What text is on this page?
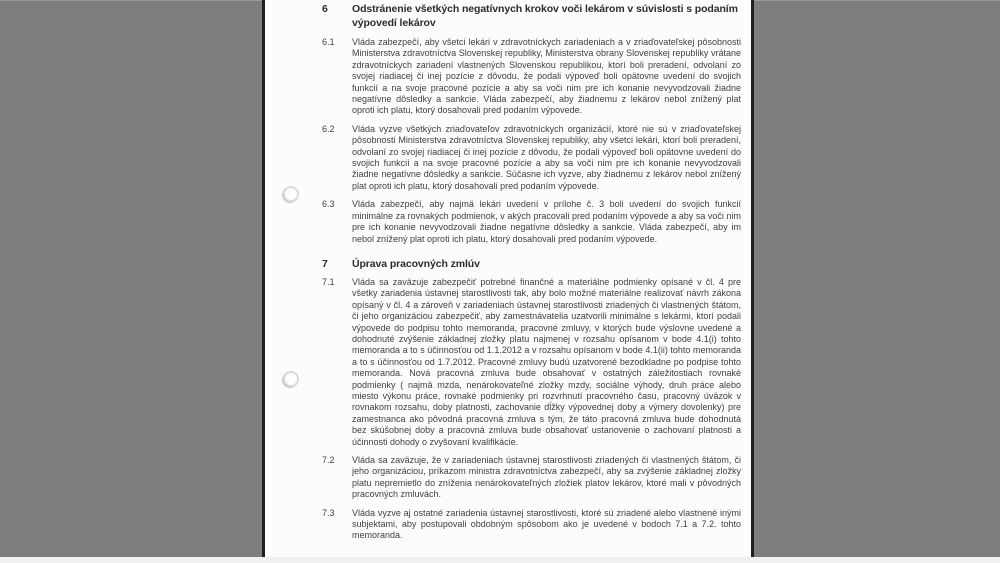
6	Odstránenie všetkých negatívnych krokov voči lekárom v súvislosti s podaním výpovedí lekárov
6.1	Vláda zabezpečí, aby všetci lekári v zdravotníckych zariadeniach a v zriaďovateľskej pôsobnosti Ministerstva zdravotníctva Slovenskej republiky, Ministerstva obrany Slovenskej republiky vrátane zdravotníckych zariadení vlastnených Slovenskou republikou, ktorí boli preradení, odvolaní zo svojej riadiacej či inej pozície z dôvodu, že podali výpoveď boli opätovne uvedení do svojich funkcií a na svoje pracovné pozície a aby sa voči nim pre ich konanie nevyvodzovali žiadne negatívne dôsledky a sankcie. Vláda zabezpečí, aby žiadnemu z lekárov nebol znížený plat oproti ich platu, ktorý dosahovali pred podaním výpovede.

6.2	Vláda vyzve všetkých zriaďovateľov zdravotníckych organizácií, ktoré nie sú v zriaďovateľskej pôsobnosti Ministerstva zdravotníctva Slovenskej republiky, aby všetci lekári, ktorí boli preradení, odvolaní zo svojej riadiacej či inej pozície z dôvodu, že podali výpoveď boli opätovne uvedení do svojich funkcií a na svoje pracovné pozície a aby sa voči nim pre ich konanie nevyvodzovali žiadne negatívne dôsledky a sankcie. Súčasne ich vyzve, aby žiadnemu z lekárov nebol znížený plat oproti ich platu, ktorý dosahovali pred podaním výpovede.

6.3	Vláda zabezpečí, aby najmä lekári uvedení v prílohe č. 3 boli uvedení do svojich funkcií minimálne za rovnakých podmienok, v akých pracovali pred podaním výpovede a aby sa voči nim pre ich konanie nevyvodzovali žiadne negatívne dôsledky a sankcie. Vláda zabezpečí, aby im nebol znížený plat oproti ich platu, ktorý dosahovali pred podaním výpovede.

7	Úprava pracovných zmlúv
7.1	Vláda sa zaväzuje zabezpečiť potrebné finančné a materiálne podmienky opísané v čl. 4 pre všetky zariadenia ústavnej starostlivosti tak, aby bolo možné materiálne realizovať návrh zákona opísaný v čl. 4 a zároveň v zariadeniach ústavnej starostlivosti zriadených či vlastnených štátom, či jeho organizáciou zabezpečiť, aby zamestnávatelia uzatvorili minimálne s lekármi, ktorí podali výpovede do podpisu tohto memoranda, pracovné zmluvy, v ktorých bude výslovne uvedené a dohodnuté zvýšenie základnej zložky platu najmenej v rozsahu opísanom v bode 4.1(i) tohto memoranda a to s účinnosťou od 1.1.2012 a v rozsahu opísanom v bode 4.1(ii) tohto memoranda a to s účinnosťou od 1.7.2012. Pracovné zmluvy budú uzatvorené bezodkladne po podpise tohto memoranda. Nová pracovná zmluva bude obsahovať v ostatných záležitostiach rovnaké podmienky ( najmä mzda, nenárokovateľné zložky mzdy, sociálne výhody, druh práce alebo miesto výkonu práce, rovnaké podmienky pri rozvrhnutí pracovného času, pracovný úväzok v rovnakom rozsahu, doby platnosti, zachovanie dĺžky výpovednej doby a výmery dovolenky) pre zamestnanca ako pôvodná pracovná zmluva s tým, že táto pracovná zmluva bude dohodnutá bez skúšobnej doby a pracovná zmluva bude obsahovať ustanovenie o zachovaní platnosti a účinnosti dohody o zvyšovaní kvalifikácie.

7.2	Vláda sa zaväzuje, že v zariadeniach ústavnej starostlivosti zriadených či vlastnených štátom, či jeho organizáciou, príkazom ministra zdravotníctva zabezpečí, aby sa zvýšenie základnej zložky platu nepremietlo do zníženia nenárokovateľných zložiek platov lekárov, ktoré mali v pôvodných pracovných zmluvách.

7.3	Vláda vyzve aj ostatné zariadenia ústavnej starostlivosti, ktoré sú zriadené alebo vlastnené inými subjektami, aby postupovali obdobným spôsobom ako je uvedené v bodoch 7.1 a 7.2. tohto memoranda.
